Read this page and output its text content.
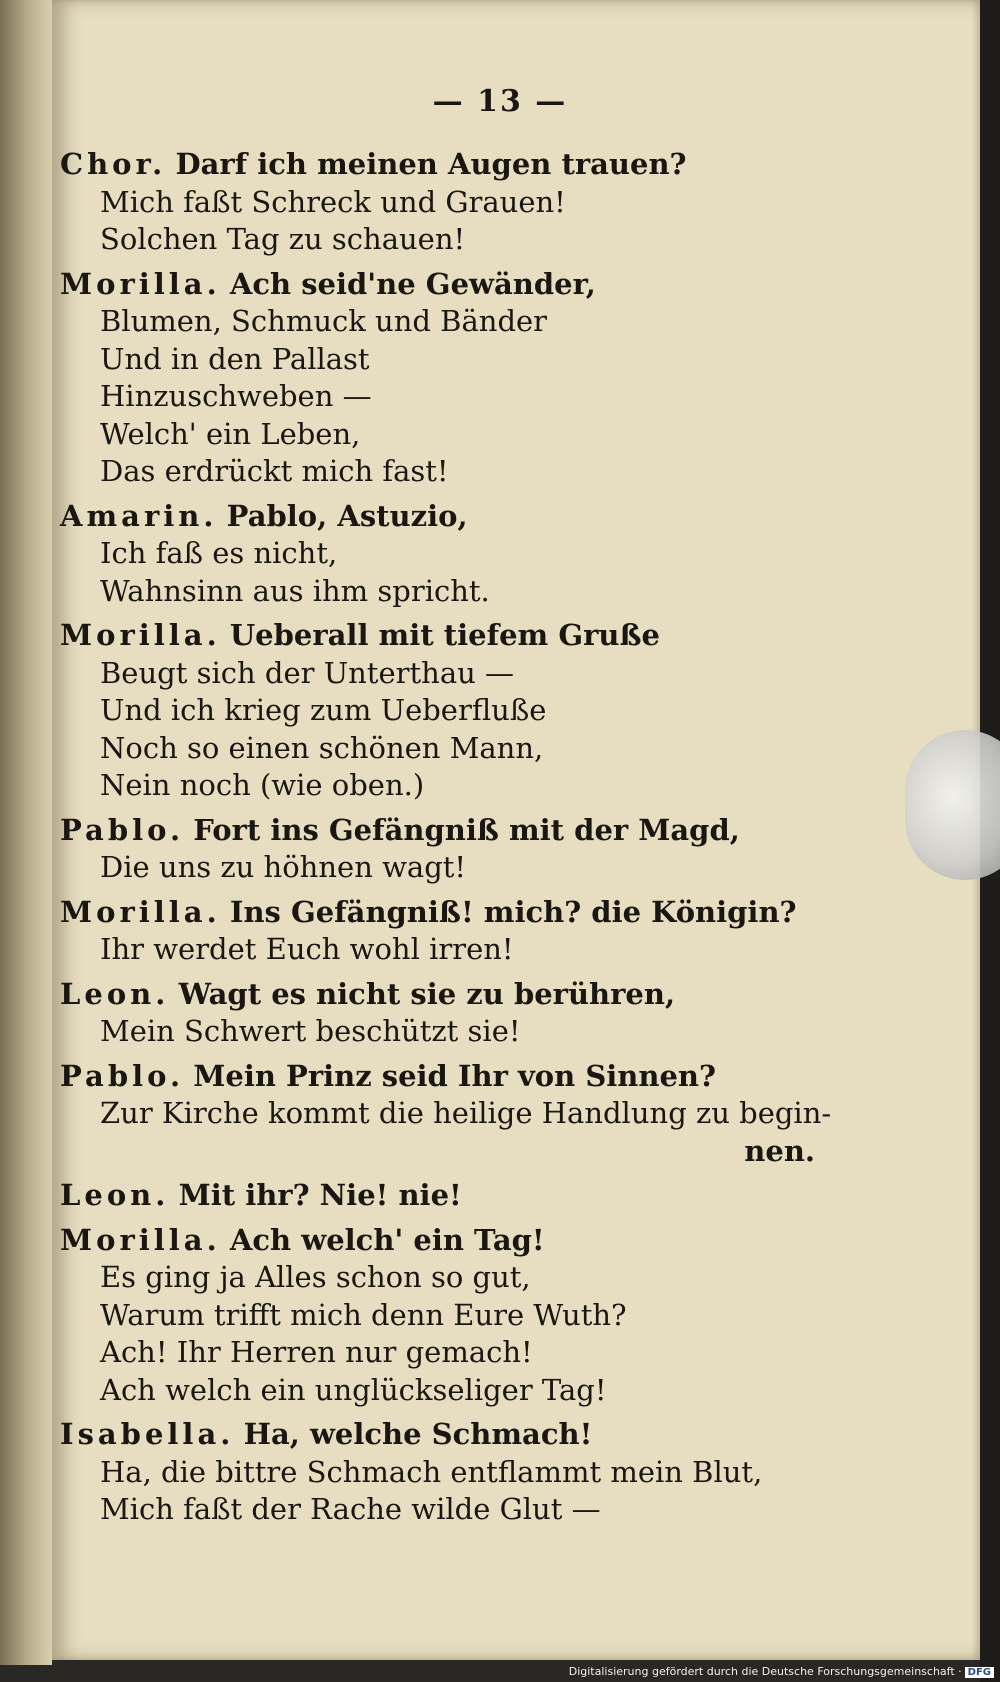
— 13 —
Chor. Darf ich meinen Augen trauen?
Mich faßt Schreck und Grauen!
Solchen Tag zu schauen!
Morilla. Ach seid'ne Gewänder,
Blumen, Schmuck und Bänder
Und in den Pallast
Hinzuschweben —
Welch' ein Leben,
Das erdrückt mich fast!
Amarin. Pablo, Astuzio,
Ich faß es nicht,
Wahnsinn aus ihm spricht.
Morilla. Ueberall mit tiefem Gruße
Beugt sich der Unterthau —
Und ich krieg zum Ueberfluße
Noch so einen schönen Mann,
Nein noch (wie oben.)
Pablo. Fort ins Gefängniß mit der Magd,
Die uns zu höhnen wagt!
Morilla. Ins Gefängniß! mich? die Königin?
Ihr werdet Euch wohl irren!
Leon. Wagt es nicht sie zu berühren,
Mein Schwert beschützt sie!
Pablo. Mein Prinz seid Ihr von Sinnen?
Zur Kirche kommt die heilige Handlung zu begin-
nen.
Leon. Mit ihr? Nie! nie!
Morilla. Ach welch' ein Tag!
Es ging ja Alles schon so gut,
Warum trifft mich denn Eure Wuth?
Ach! Ihr Herren nur gemach!
Ach welch ein unglückseliger Tag!
Isabella. Ha, welche Schmach!
Ha, die bittre Schmach entflammt mein Blut,
Mich faßt der Rache wilde Glut —
Digitalisierung gefördert durch die Deutsche Forschungsgemeinschaft · DFG
